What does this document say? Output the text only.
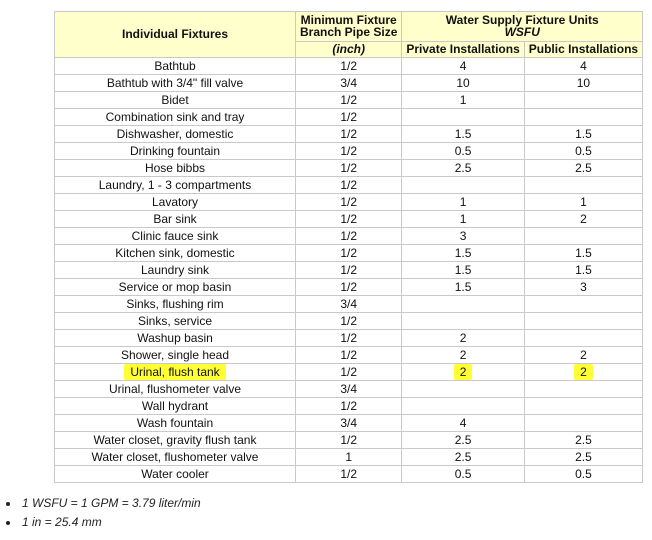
Individual Fixtures	Minimum Fixture
Branch Pipe Size	Water Supply Fixture Units
WSFU	
	(inch)	Private Installations	Public Installations
Bathtub	1/2	4	4
Bathtub with 3/4" fill valve	3/4	10	10
Bidet	1/2	1	
Combination sink and tray	1/2		
Dishwasher, domestic	1/2	1.5	1.5
Drinking fountain	1/2	0.5	0.5
Hose bibbs	1/2	2.5	2.5
Laundry, 1 - 3 compartments	1/2		
Lavatory	1/2	1	1
Bar sink	1/2	1	2
Clinic fauce sink	1/2	3	
Kitchen sink, domestic	1/2	1.5	1.5
Laundry sink	1/2	1.5	1.5
Service or mop basin	1/2	1.5	3
Sinks, flushing rim	3/4		
Sinks, service	1/2		
Washup basin	1/2	2	
Shower, single head	1/2	2	2
Urinal, flush tank	1/2	2	2
Urinal, flushometer valve	3/4		
Wall hydrant	1/2		
Wash fountain	3/4	4	
Water closet, gravity flush tank	1/2	2.5	2.5
Water closet, flushometer valve	1	2.5	2.5
Water cooler	1/2	0.5	0.5
1 WSFU = 1 GPM = 3.79 liter/min
1 in = 25.4 mm
